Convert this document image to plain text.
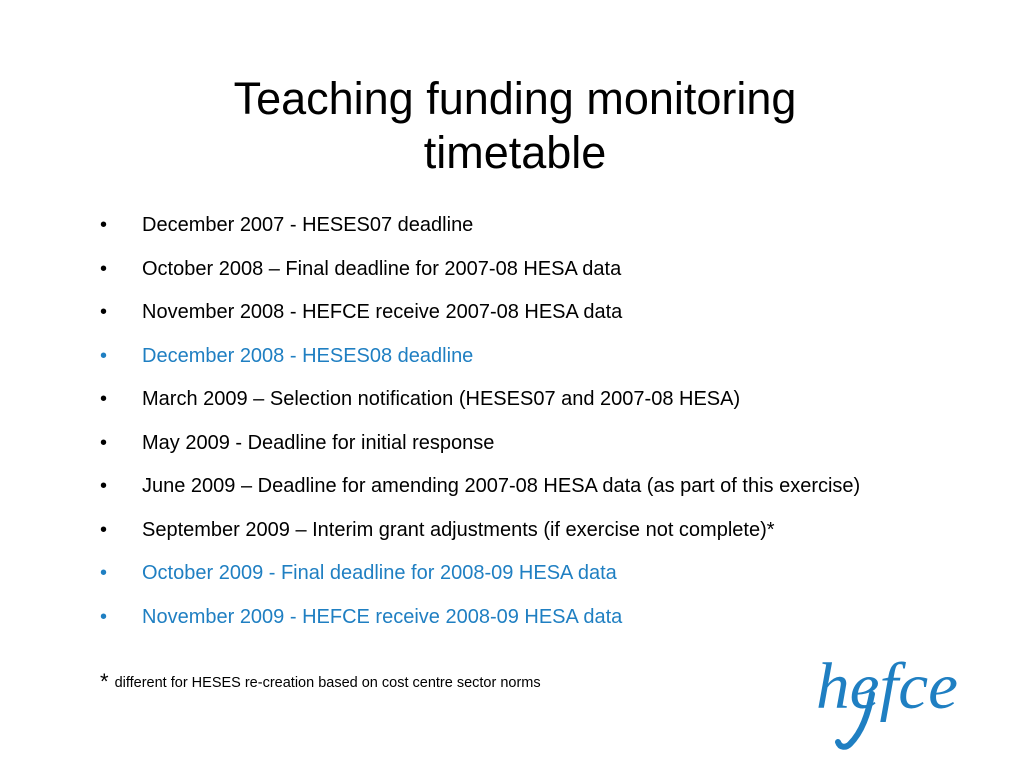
Teaching funding monitoring
timetable
• December 2007 - HESES07 deadline
• October 2008 – Final deadline for 2007-08 HESA data
• November 2008 - HEFCE receive 2007-08 HESA data
• December 2008 - HESES08 deadline
• March 2009 – Selection notification (HESES07 and 2007-08 HESA)
• May 2009 - Deadline for initial response
• June 2009 – Deadline for amending 2007-08 HESA data (as part of this exercise)
• September 2009 – Interim grant adjustments (if exercise not complete)*
• October 2009 - Final deadline for 2008-09 HESA data
• November 2009 - HEFCE receive 2008-09 HESA data

* different for HESES re-creation based on cost centre sector norms	hefce
